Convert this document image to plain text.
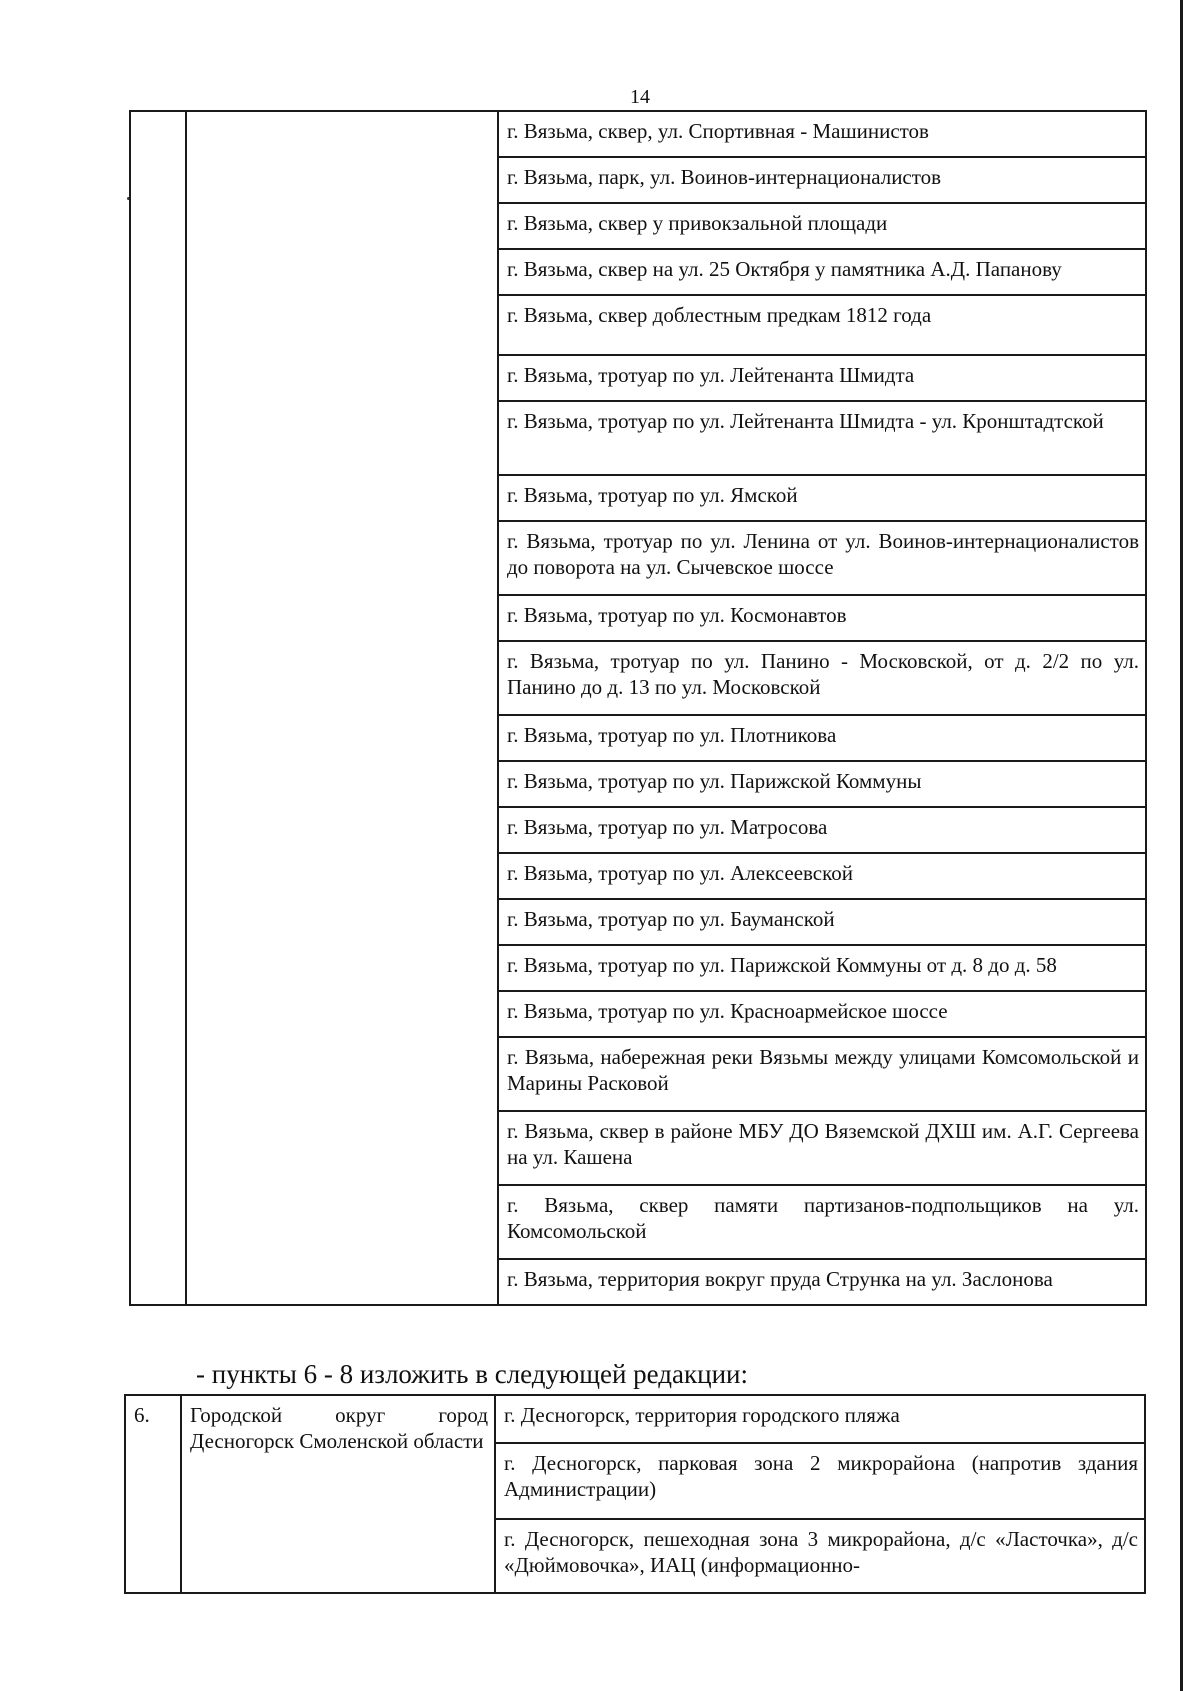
14
		г. Вязьма, сквер, ул. Спортивная - Машинистов
г. Вязьма, парк, ул. Воинов-интернационалистов
г. Вязьма, сквер у привокзальной площади
г. Вязьма, сквер на ул. 25 Октября у памятника А.Д. Папанову
г. Вязьма, сквер доблестным предкам 1812 года
г. Вязьма, тротуар по ул. Лейтенанта Шмидта
г. Вязьма, тротуар по ул. Лейтенанта Шмидта - ул. Кронштадтской
г. Вязьма, тротуар по ул. Ямской
г. Вязьма, тротуар по ул. Ленина от ул. Воинов-интернационалистов до поворота на ул. Сычевское шоссе
г. Вязьма, тротуар по ул. Космонавтов
г. Вязьма, тротуар по ул. Панино - Московской, от д. 2/2 по ул. Панино до д. 13 по ул. Московской
г. Вязьма, тротуар по ул. Плотникова
г. Вязьма, тротуар по ул. Парижской Коммуны
г. Вязьма, тротуар по ул. Матросова
г. Вязьма, тротуар по ул. Алексеевской
г. Вязьма, тротуар по ул. Бауманской
г. Вязьма, тротуар по ул. Парижской Коммуны от д. 8 до д. 58
г. Вязьма, тротуар по ул. Красноармейское шоссе
г. Вязьма, набережная реки Вязьмы между улицами Комсомольской и Марины Расковой
г. Вязьма, сквер в районе МБУ ДО Вяземской ДХШ им. А.Г. Сергеева на ул. Кашена
г. Вязьма, сквер памяти партизанов-подпольщиков на ул. Комсомольской
г. Вязьма, территория вокруг пруда Струнка на ул. Заслонова
- пункты 6 - 8 изложить в следующей редакции:
6.	Городской округ город Десногорск Смоленской области	г. Десногорск, территория городского пляжа
г. Десногорск, парковая зона 2 микрорайона (напротив здания Администрации)
г. Десногорск, пешеходная зона 3 микрорайона, д/с «Ласточка», д/с «Дюймовочка», ИАЦ (информационно-
